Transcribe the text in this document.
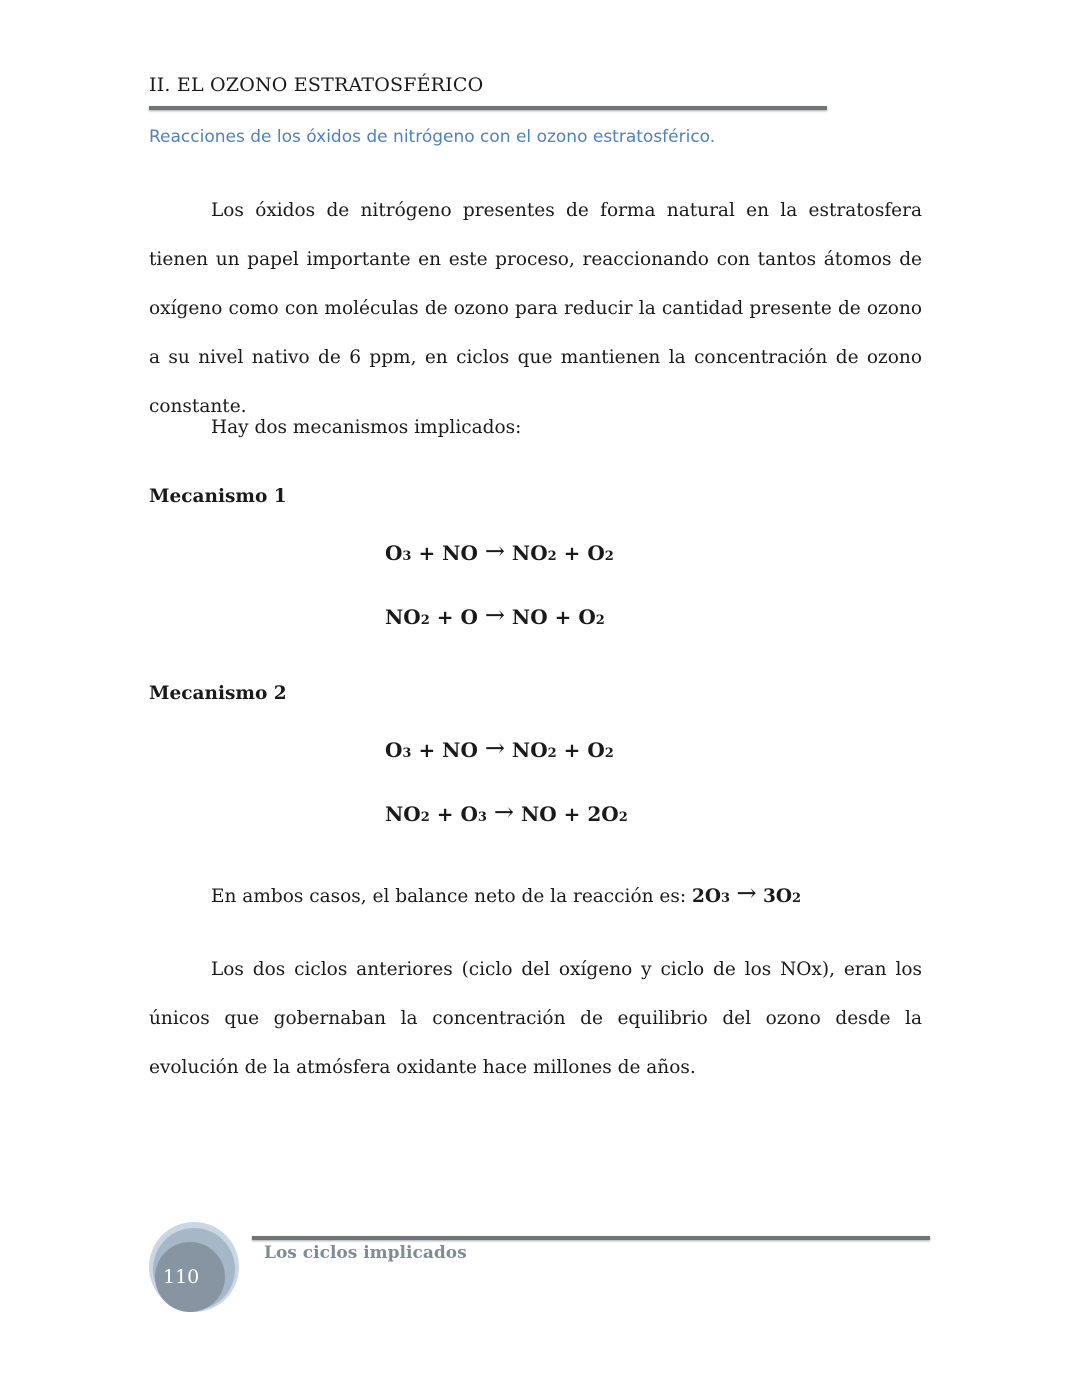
II. EL OZONO ESTRATOSFÉRICO
Reacciones de los óxidos de nitrógeno con el ozono estratosférico.
Los óxidos de nitrógeno presentes de forma natural en la estratosfera tienen un papel importante en este proceso, reaccionando con tantos átomos de oxígeno como con moléculas de ozono para reducir la cantidad presente de ozono a su nivel nativo de 6 ppm, en ciclos que mantienen la concentración de ozono constante.
Hay dos mecanismos implicados:
Mecanismo 1
O3 + NO → NO2 + O2
NO2 + O → NO + O2
Mecanismo 2
O3 + NO → NO2 + O2
NO2 + O3 → NO + 2O2
En ambos casos, el balance neto de la reacción es: 2O3 → 3O2
Los dos ciclos anteriores (ciclo del oxígeno y ciclo de los NOx), eran los únicos que gobernaban la concentración de equilibrio del ozono desde la evolución de la atmósfera oxidante hace millones de años.
110
Los ciclos implicados
